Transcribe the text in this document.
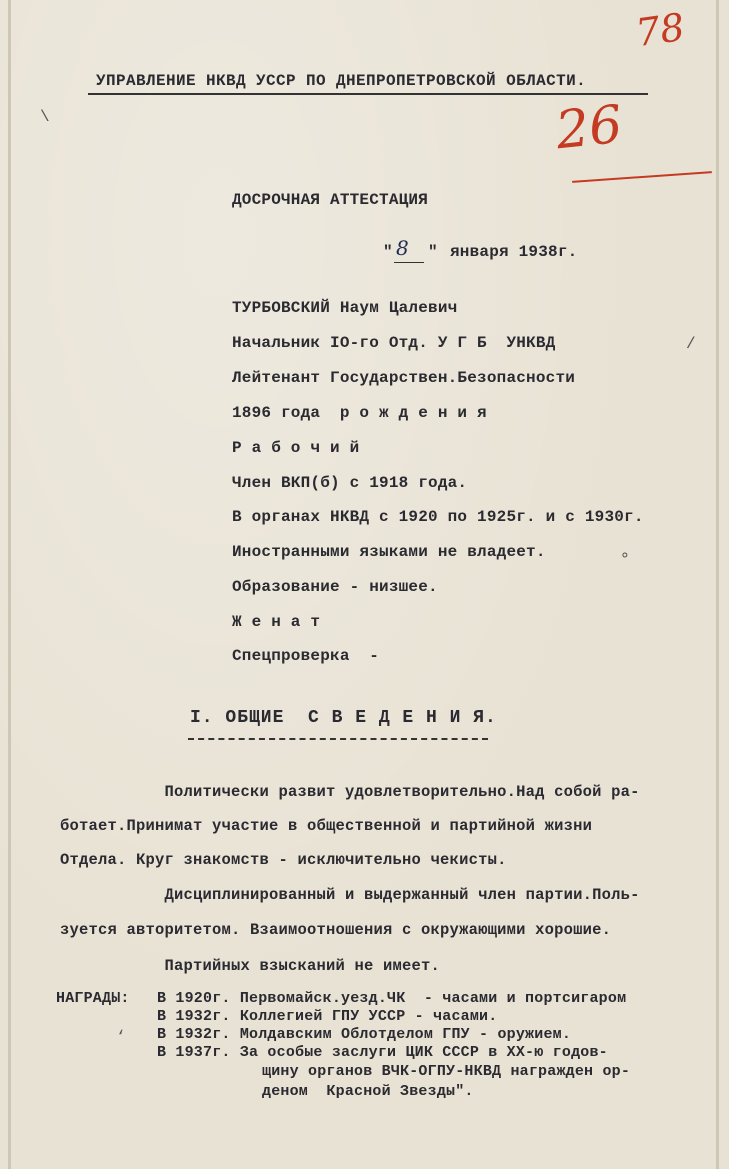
78
26
УПРАВЛЕНИЕ НКВД УССР ПО ДНЕПРОПЕТРОВСКОЙ ОБЛАСТИ.
ДОСРОЧНАЯ АТТЕСТАЦИЯ
" 8 " января 1938г.
ТУРБОВСКИЙ Наум Цалевич
Начальник IO-го Отд. У Г Б  УНКВД
Лейтенант Государствен.Безопасности
1896 года  р о ж д е н и я
Р а б о ч и й
Член ВКП(б) с 1918 года.
В органах НКВД с 1920 по 1925г. и с 1930г.
Иностранными языками не владеет.
Образование - низшее.
Ж е н а т
Спецпроверка  -
\
/
∘
‘
I. ОБЩИЕ  С В Е Д Е Н И Я.
Политически развит удовлетворительно.Над собой ра-
ботает.Принимат участие в общественной и партийной жизни
Отдела. Круг знакомств - исключительно чекисты.
Дисциплинированный и выдержанный член партии.Поль-
зуется авторитетом. Взаимоотношения с окружающими хорошие.
Партийных взысканий не имеет.
НАГРАДЫ: В 1920г. Первомайск.уезд.ЧК  - часами и портсигаром
В 1932г. Коллегией ГПУ УССР - часами.
В 1932г. Молдавским Облотделом ГПУ - оружием.
В 1937г. За особые заслуги ЦИК СССР в ХХ-ю годов-
щину органов ВЧК-ОГПУ-НКВД награжден ор-
деном  Красной Звезды".
